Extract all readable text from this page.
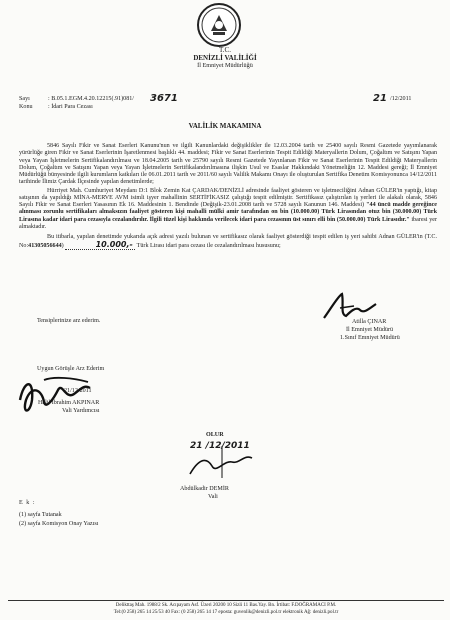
T.C.
DENİZLİ VALİLİĞİ
İl Emniyet Müdürlüğü
Sayı	: B.05.1.EGM.4.20.12215(.91)081/ 3671	21 /12/2011
Konu	: İdari Para Cezası
VALİLİK MAKAMINA

5846 Sayılı Fikir ve Sanat Eserleri Kanunu'nun ve ilgili Kanunlardaki değişiklikler ile 12.03.2004 tarih ve 25400 sayılı Resmi Gazetede yayımlanarak yürürlüğe giren Fikir ve Sanat Eserlerinin İşaretlenmesi başlıklı 44. maddesi; Fikir ve Sanat Eserlerinin Tespit Edildiği Materyallerin Dolum, Çoğaltım ve Satışını Yapan veya Yayan İşletmelerin Sertifikalandırılması ve 18.04.2005 tarih ve 25790 sayılı Resmi Gazetede Yayınlanan Fikir ve Sanat Eserlerinin Tespit Edildiği Materyallerin Dolum, Çoğaltım ve Satışını Yapan veya Yayan İşletmelerin Sertifikalandırılmasına ilişkin Usul ve Esaslar Hakkındaki Yönetmeliğin 12. Maddesi gereği; İl Emniyet Müdürlüğü bünyesinde ilgili kurumların katkıları ile 06.01.2011 tarih ve 2011/60 sayılı Valilik Makamı Onayı ile oluşturulan Sertifika Denetim Komisyonunca 14/12/2011 tarihinde İlimiz Çardak İlçesinde yapılan denetimlerde;

Hürriyet Mah. Cumhuriyet Meydanı D:1 Blok Zemin Kat ÇARDAK/DENİZLİ adresinde faaliyet gösteren ve işletmeciliğini Adnan GÜLER'in yaptığı, kitap satışının da yapıldığı MİNA-MERVE AVM isimli işyer mahallinin SERTİFİKASIZ çalıştığı tespit edilmiştir. Sertifikasız çalıştırılan iş yerleri ile alakalı olarak, 5846 Sayılı Fikir ve Sanat Eserleri Yasasının Ek 16. Maddesinin 1. Bendinde (Değişik-23.01.2008 tarih ve 5728 sayılı Kanunun 146. Maddesi) "44 üncü madde gereğince alınması zorunlu sertifikaları almaksızın faaliyet gösteren kişi mahalli mülki amir tarafından on bin (10.000.00) Türk Lirasından otuz bin (30.000.00) Türk Lirasına kadar idari para cezasıyla cezalandırılır. İlgili tüzel kişi hakkında verilecek idari para cezasının üst sınırı elli bin (50.000.00) Türk Lirasıdır." ibaresi yer almaktadır.

Bu itibarla, yapılan denetimde yukarıda açık adresi yazılı bulunan ve sertifikasız olarak faaliyet gösterdiği tespit edilen iş yeri sahibi Adnan GÜLER'in (T.C. No:41305056644)	10.000,- Türk Lirası idari para cezası ile cezalandırılması hususunu;

Tensiplerinize arz ederim.	Atilla ÇINAR
İl Emniyet Müdürü
1.Sınıf Emniyet Müdürü
Uygun Görüşle Arz Ederim
21/12/2011
Halil İbrahim AKPINAR
Vali Yardımcısı
OLUR
21 /12/2011
Abdülkadir DEMİR
Vali
E k :
(1) sayfa Tutanak
(2) sayfa Komisyon Onay Yazısı
Delikttaş Mah. 1988/2 Sk. Acıpayam Asf. Üzeri 20200 10 Sizli 11 Bas.Yay. Bn. İrtibat: F.DOĞRAMACI P.M.
Tel:(0 258) 265 14 25/53 40 Fax: (0 258) 265 14 17 eposta: guvenlik@denizli.pol.tr elektronik Ağ: denizli.pol.tr
